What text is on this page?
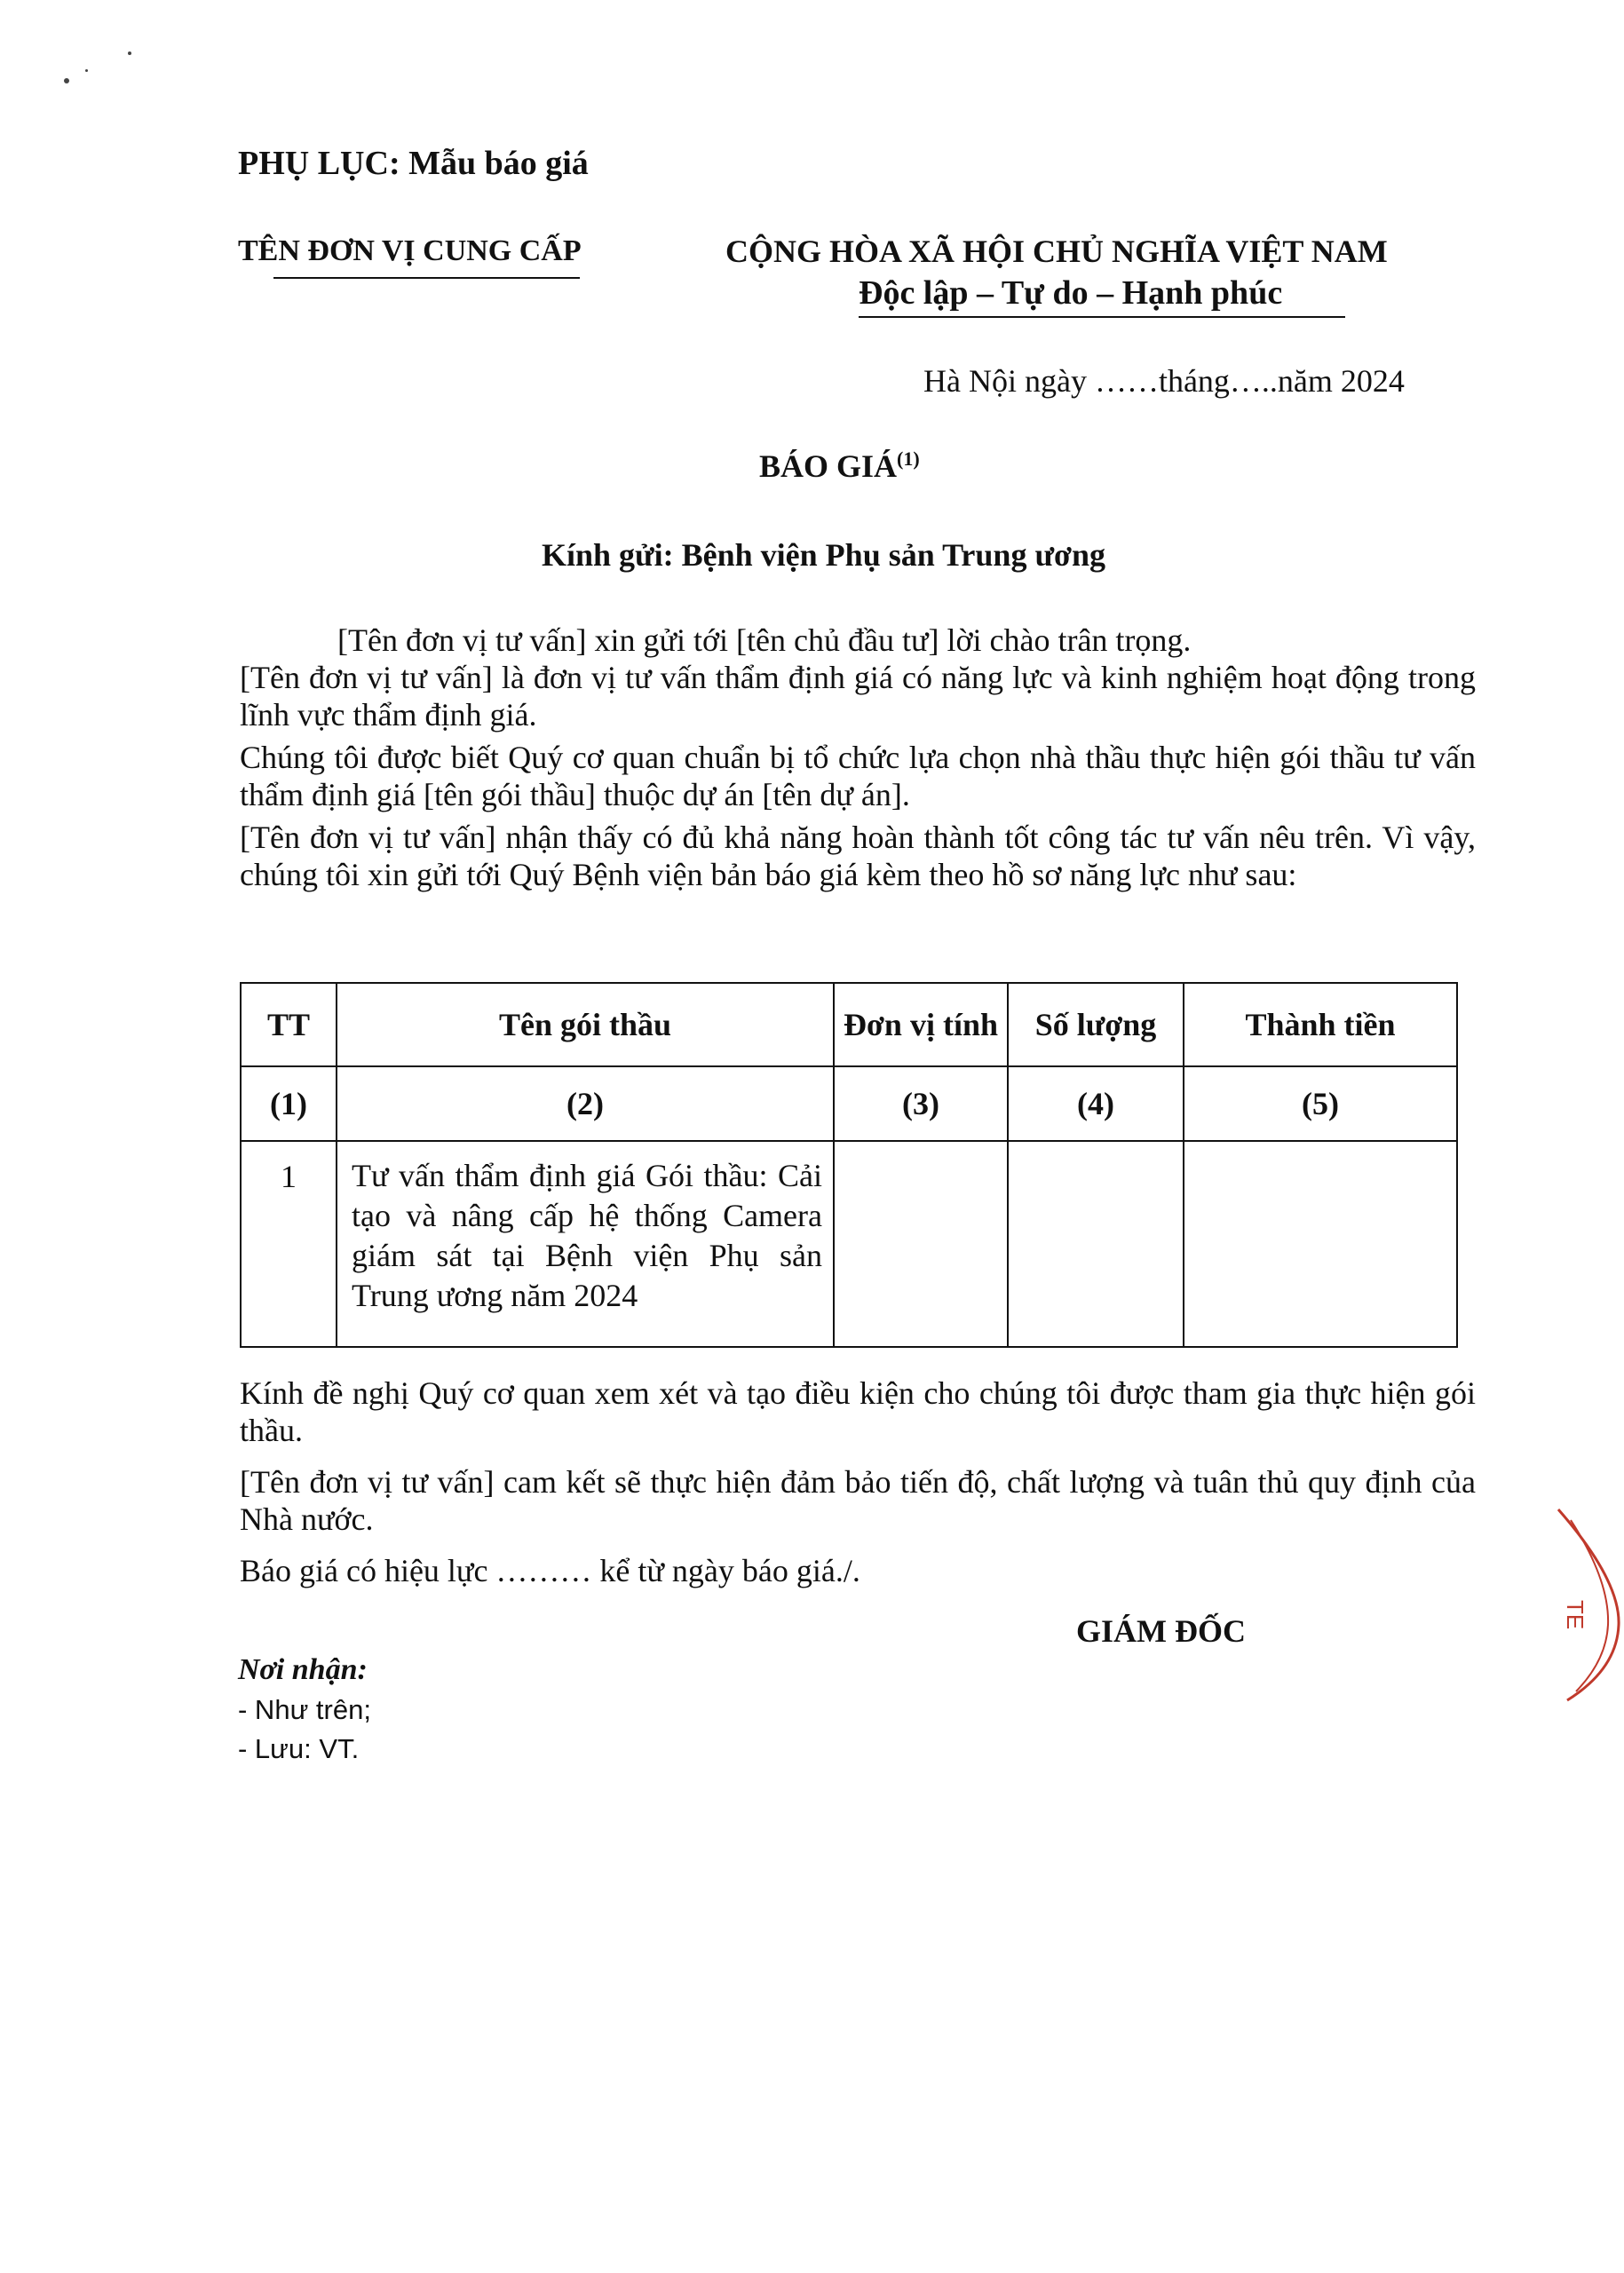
PHỤ LỤC: Mẫu báo giá
TÊN ĐƠN VỊ CUNG CẤP	CỘNG HÒA XÃ HỘI CHỦ NGHĨA VIỆT NAM
Độc lập – Tự do – Hạnh phúc
Hà Nội ngày ……tháng…..năm 2024
BÁO GIÁ$^{(1)}$
Kính gửi: Bệnh viện Phụ sản Trung ương
[Tên đơn vị tư vấn] xin gửi tới [tên chủ đầu tư] lời chào trân trọng.
[Tên đơn vị tư vấn] là đơn vị tư vấn thẩm định giá có năng lực và kinh nghiệm hoạt động trong lĩnh vực thẩm định giá.
Chúng tôi được biết Quý cơ quan chuẩn bị tổ chức lựa chọn nhà thầu thực hiện gói thầu tư vấn thẩm định giá [tên gói thầu] thuộc dự án [tên dự án].
[Tên đơn vị tư vấn] nhận thấy có đủ khả năng hoàn thành tốt công tác tư vấn nêu trên. Vì vậy, chúng tôi xin gửi tới Quý Bệnh viện bản báo giá kèm theo hồ sơ năng lực như sau:
TT	Tên gói thầu	Đơn vị tính	Số lượng	Thành tiền
(1)	(2)	(3)	(4)	(5)
1	Tư vấn thẩm định giá Gói thầu: Cải tạo và nâng cấp hệ thống Camera giám sát tại Bệnh viện Phụ sản Trung ương năm 2024			
Kính đề nghị Quý cơ quan xem xét và tạo điều kiện cho chúng tôi được tham gia thực hiện gói thầu.
[Tên đơn vị tư vấn] cam kết sẽ thực hiện đảm bảo tiến độ, chất lượng và tuân thủ quy định của Nhà nước.
Báo giá có hiệu lực ……… kể từ ngày báo giá./.
GIÁM ĐỐC
Nơi nhận:
- Như trên;
- Lưu: VT.
TE
